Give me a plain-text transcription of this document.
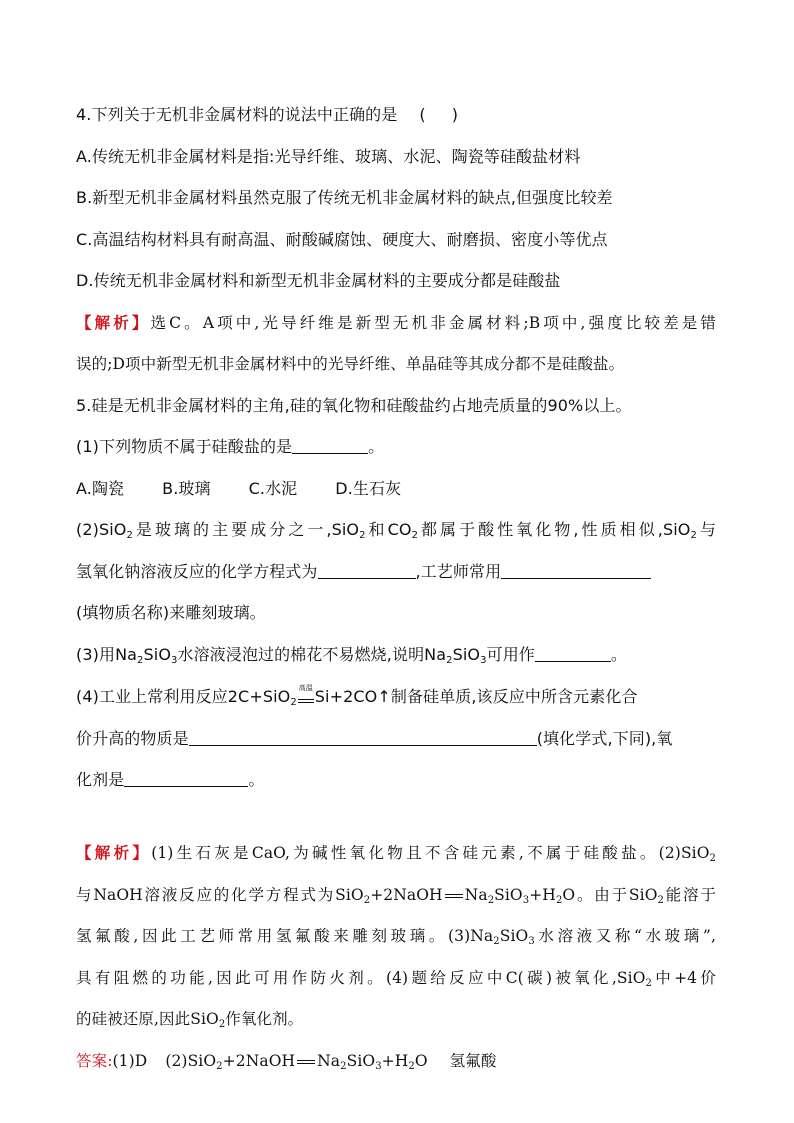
4.下列关于无机非金属材料的说法中正确的是 ( )
A.传统无机非金属材料是指:光导纤维、玻璃、水泥、陶瓷等硅酸盐材料
B.新型无机非金属材料虽然克服了传统无机非金属材料的缺点,但强度比较差
C.高温结构材料具有耐高温、耐酸碱腐蚀、硬度大、耐磨损、密度小等优点
D.传统无机非金属材料和新型无机非金属材料的主要成分都是硅酸盐
【解析】选C。A项中,光导纤维是新型无机非金属材料;B项中,强度比较差是错
误的;D项中新型无机非金属材料中的光导纤维、单晶硅等其成分都不是硅酸盐。
5.硅是无机非金属材料的主角,硅的氧化物和硅酸盐约占地壳质量的90%以上。
(1)下列物质不属于硅酸盐的是	。
A.陶瓷 B.玻璃 C.水泥 D.生石灰
(2)SiO$_2$是玻璃的主要成分之一,SiO$_2$和$CO_2$都属于酸性氧化物,性质相似,SiO$_2$与
氢氧化钠溶液反应的化学方程式为	,工艺师常用
(填物质名称)来雕刻玻璃。
(3)用$Na_2SiO_3$水溶液浸泡过的棉花不易燃烧,说明$Na_2SiO_3$可用作	。
(4)工业上常利用反应2C+SiO$_2$
高温 Si+2CO↑制备硅单质,该反应中所含元素化合
价升高的物质是	(填化学式,下同),氧
化剂是	。
【解析】(1)生石灰是CaO,为碱性氧化物且不含硅元素,不属于硅酸盐。(2)SiO$_2$
与NaOH溶液反应的化学方程式为SiO$_2$+2NaOH $Na_2SiO_3+H_2O$。由于SiO$_2$能溶于
氢氟酸,因此工艺师常用氢氟酸来雕刻玻璃。$(3)Na_2SiO_3$水溶液又称“水玻璃”,
具有阻燃的功能,因此可用作防火剂。(4)题给反应中C(碳)被氧化,SiO$_2$中+4价
的硅被还原,因此SiO$_2$作氧化剂。
答案:(1)D (2)SiO$_2$+2NaOH $Na_2SiO_3+H_2O$ 氢氟酸
